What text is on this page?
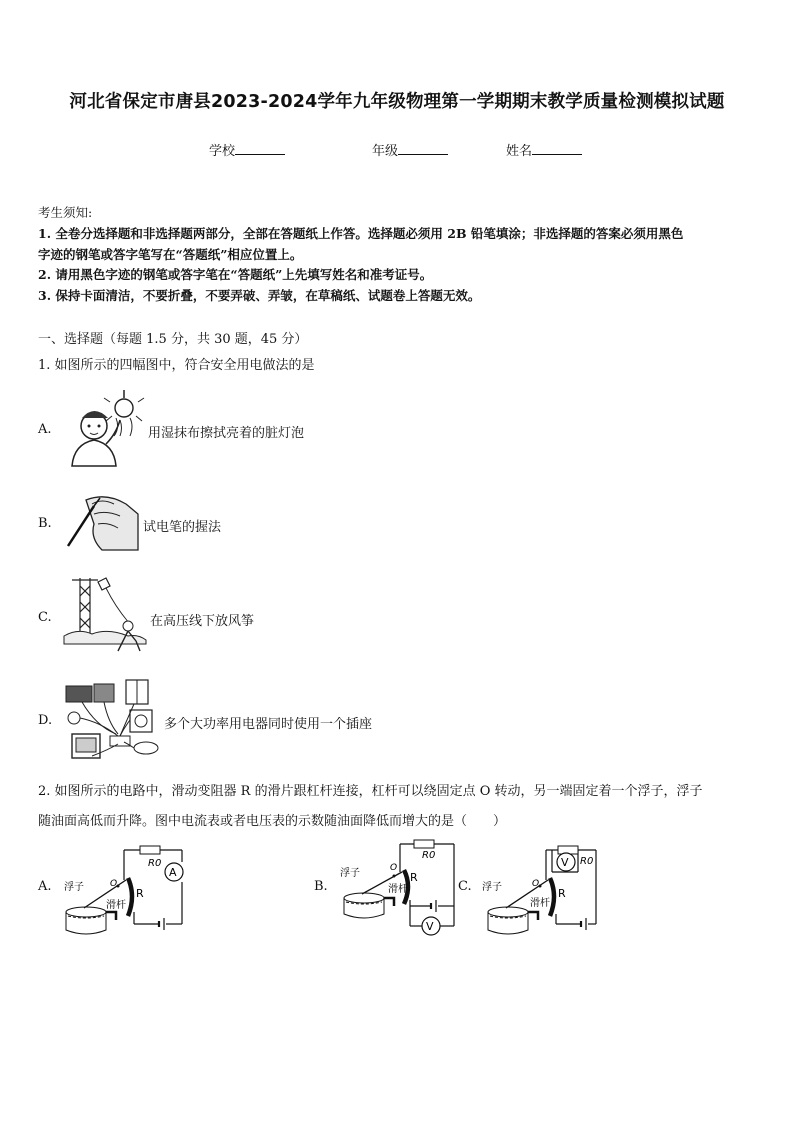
河北省保定市唐县2023-2024学年九年级物理第一学期期末教学质量检测模拟试题
学校	年级	姓名
考生须知:
1. 全卷分选择题和非选择题两部分，全部在答题纸上作答。选择题必须用 2B 铅笔填涂；非选择题的答案必须用黑色
字迹的钢笔或答字笔写在“答题纸”相应位置上。
2. 请用黑色字迹的钢笔或答字笔在“答题纸”上先填写姓名和准考证号。
3. 保持卡面清洁，不要折叠，不要弄破、弄皱，在草稿纸、试题卷上答题无效。
一、选择题（每题 1.5 分，共 30 题，45 分）
1. 如图所示的四幅图中，符合安全用电做法的是
A.	用湿抹布擦拭亮着的脏灯泡
B.	试电笔的握法
C.	在高压线下放风筝
D.	多个大功率用电器同时使用一个插座
2. 如图所示的电路中，滑动变阻器 R 的滑片跟杠杆连接，杠杆可以绕固定点 O 转动，另一端固定着一个浮子，浮子
随油面高低而升降。图中电流表或者电压表的示数随油面降低而增大的是（　　）
A.
R0
A
R
O
浮子
滑杆
B.
R0
V
R
O
浮子
滑杆	C.
R0
V
R
O
浮子
滑杆
